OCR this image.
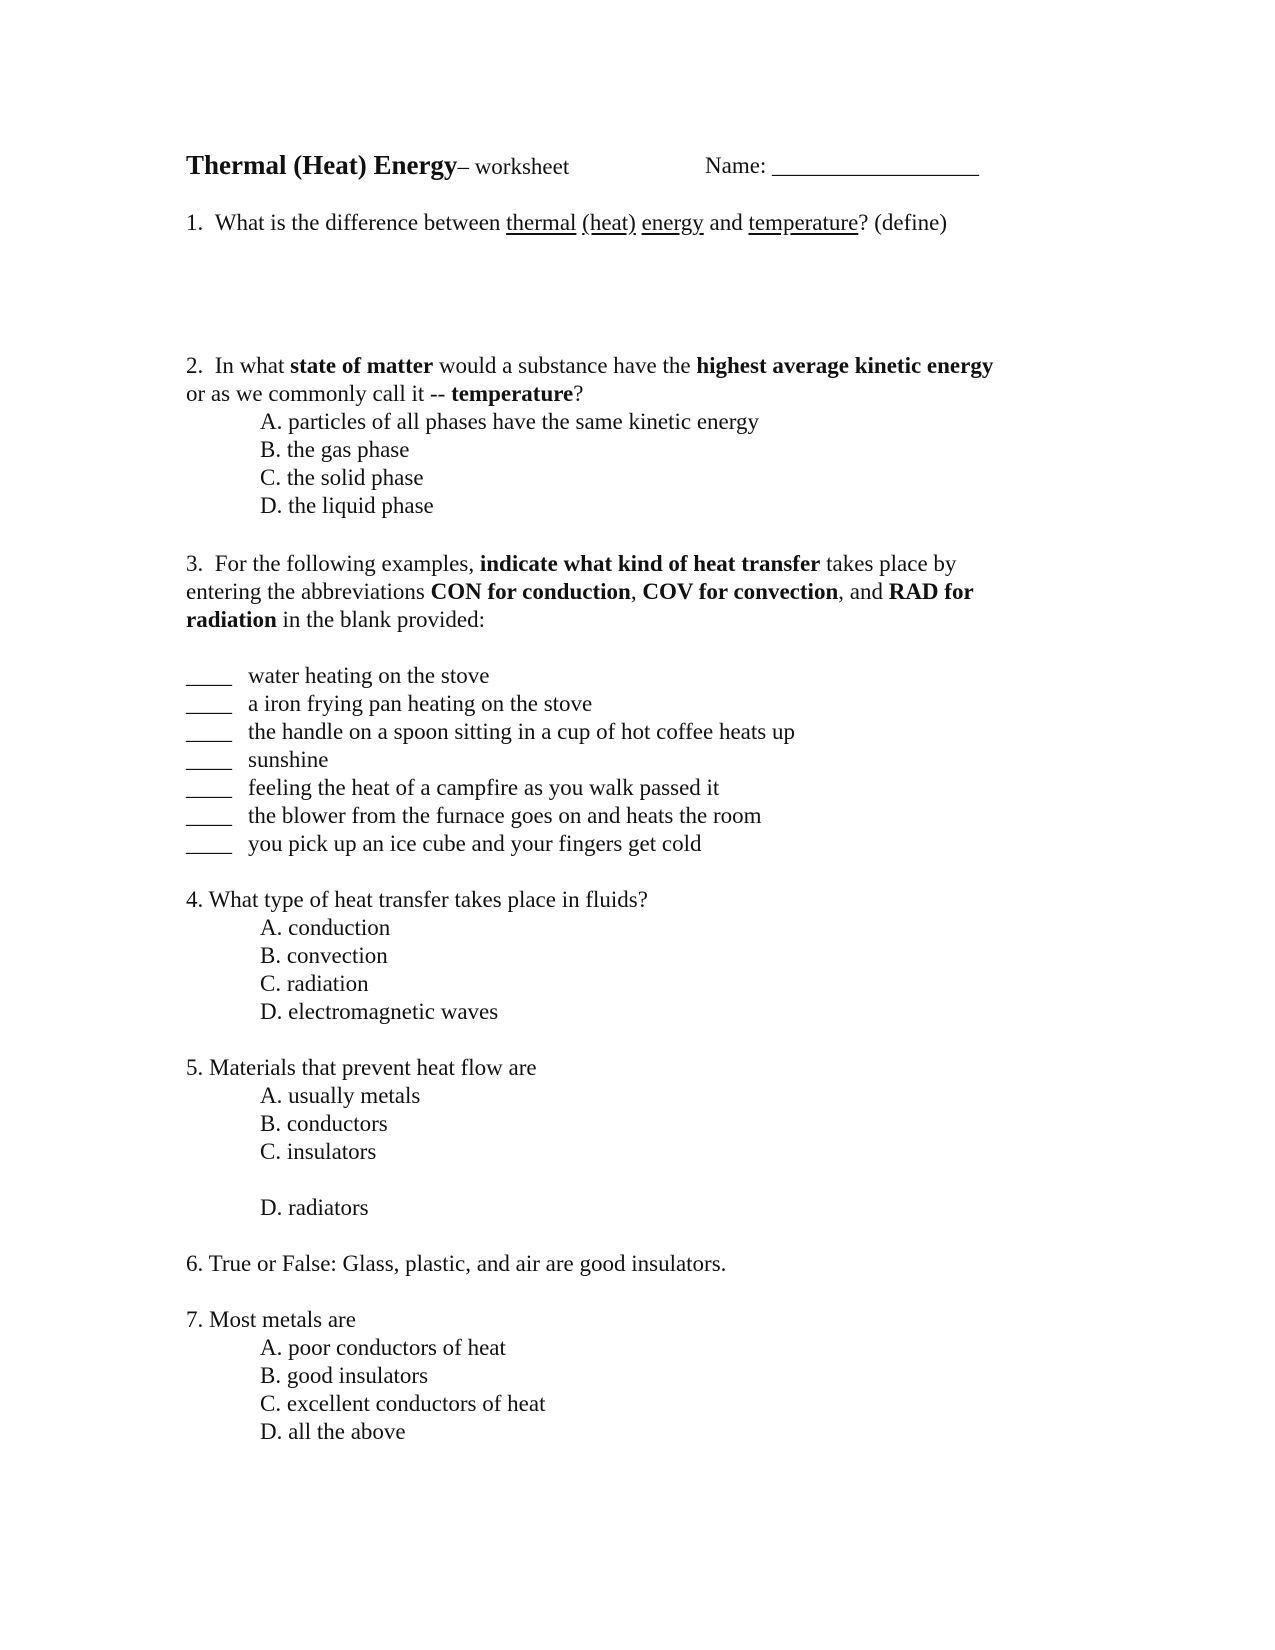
Thermal (Heat) Energy– worksheet	Name: __________________
1. What is the difference between thermal (heat) energy and temperature? (define)
2. In what state of matter would a substance have the highest average kinetic energy
or as we commonly call it -- temperature?
A. particles of all phases have the same kinetic energy
B. the gas phase
C. the solid phase
D. the liquid phase
3. For the following examples, indicate what kind of heat transfer takes place by
entering the abbreviations CON for conduction, COV for convection, and RAD for
radiation in the blank provided:
____ water heating on the stove
____ a iron frying pan heating on the stove
____ the handle on a spoon sitting in a cup of hot coffee heats up
____ sunshine
____ feeling the heat of a campfire as you walk passed it
____ the blower from the furnace goes on and heats the room
____ you pick up an ice cube and your fingers get cold
4. What type of heat transfer takes place in fluids?
A. conduction
B. convection
C. radiation
D. electromagnetic waves
5. Materials that prevent heat flow are
A. usually metals
B. conductors
C. insulators
D. radiators
6. True or False: Glass, plastic, and air are good insulators.
7. Most metals are
A. poor conductors of heat
B. good insulators
C. excellent conductors of heat
D. all the above
